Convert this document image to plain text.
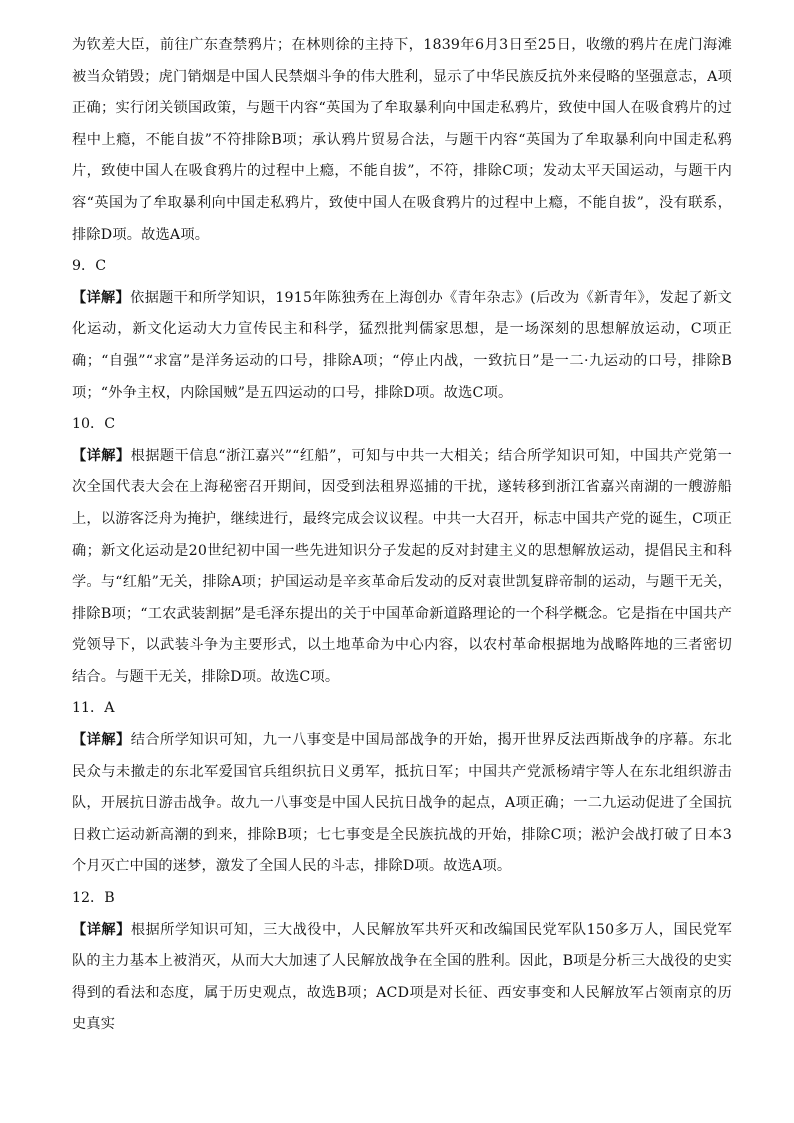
为钦差大臣，前往广东查禁鸦片；在林则徐的主持下，1839年6月3日至25日，收缴的鸦片在虎门海滩被当众销毁；虎门销烟是中国人民禁烟斗争的伟大胜利，显示了中华民族反抗外来侵略的坚强意志，A项正确；实行闭关锁国政策，与题干内容“英国为了牟取暴利向中国走私鸦片，致使中国人在吸食鸦片的过程中上瘾，不能自拔”不符排除B项；承认鸦片贸易合法，与题干内容“英国为了牟取暴利向中国走私鸦片，致使中国人在吸食鸦片的过程中上瘾，不能自拔”，不符，排除C项；发动太平天国运动，与题干内容“英国为了牟取暴利向中国走私鸦片，致使中国人在吸食鸦片的过程中上瘾，不能自拔”，没有联系，排除D项。故选A项。

9．C

【详解】依据题干和所学知识，1915年陈独秀在上海创办《青年杂志》(后改为《新青年》，发起了新文化运动，新文化运动大力宣传民主和科学，猛烈批判儒家思想，是一场深刻的思想解放运动，C项正确；“自强”“求富”是洋务运动的口号，排除A项；“停止内战，一致抗日”是一二·九运动的口号，排除B项；“外争主权，内除国贼”是五四运动的口号，排除D项。故选C项。

10．C

【详解】根据题干信息“浙江嘉兴”“红船”，可知与中共一大相关；结合所学知识可知，中国共产党第一次全国代表大会在上海秘密召开期间，因受到法租界巡捕的干扰，遂转移到浙江省嘉兴南湖的一艘游船上，以游客泛舟为掩护，继续进行，最终完成会议议程。中共一大召开，标志中国共产党的诞生，C项正确；新文化运动是20世纪初中国一些先进知识分子发起的反对封建主义的思想解放运动，提倡民主和科学。与“红船”无关，排除A项；护国运动是辛亥革命后发动的反对袁世凯复辟帝制的运动，与题干无关，排除B项；“工农武装割据”是毛泽东提出的关于中国革命新道路理论的一个科学概念。它是指在中国共产党领导下，以武装斗争为主要形式，以土地革命为中心内容，以农村革命根据地为战略阵地的三者密切结合。与题干无关，排除D项。故选C项。

11．A

【详解】结合所学知识可知，九一八事变是中国局部战争的开始，揭开世界反法西斯战争的序幕。东北民众与未撤走的东北军爱国官兵组织抗日义勇军，抵抗日军；中国共产党派杨靖宇等人在东北组织游击队，开展抗日游击战争。故九一八事变是中国人民抗日战争的起点，A项正确；一二九运动促进了全国抗日救亡运动新高潮的到来，排除B项；七七事变是全民族抗战的开始，排除C项；淞沪会战打破了日本3个月灭亡中国的迷梦，激发了全国人民的斗志，排除D项。故选A项。

12．B

【详解】根据所学知识可知，三大战役中，人民解放军共歼灭和改编国民党军队150多万人，国民党军队的主力基本上被消灭，从而大大加速了人民解放战争在全国的胜利。因此，B项是分析三大战役的史实得到的看法和态度，属于历史观点，故选B项；ACD项是对长征、西安事变和人民解放军占领南京的历史真实
